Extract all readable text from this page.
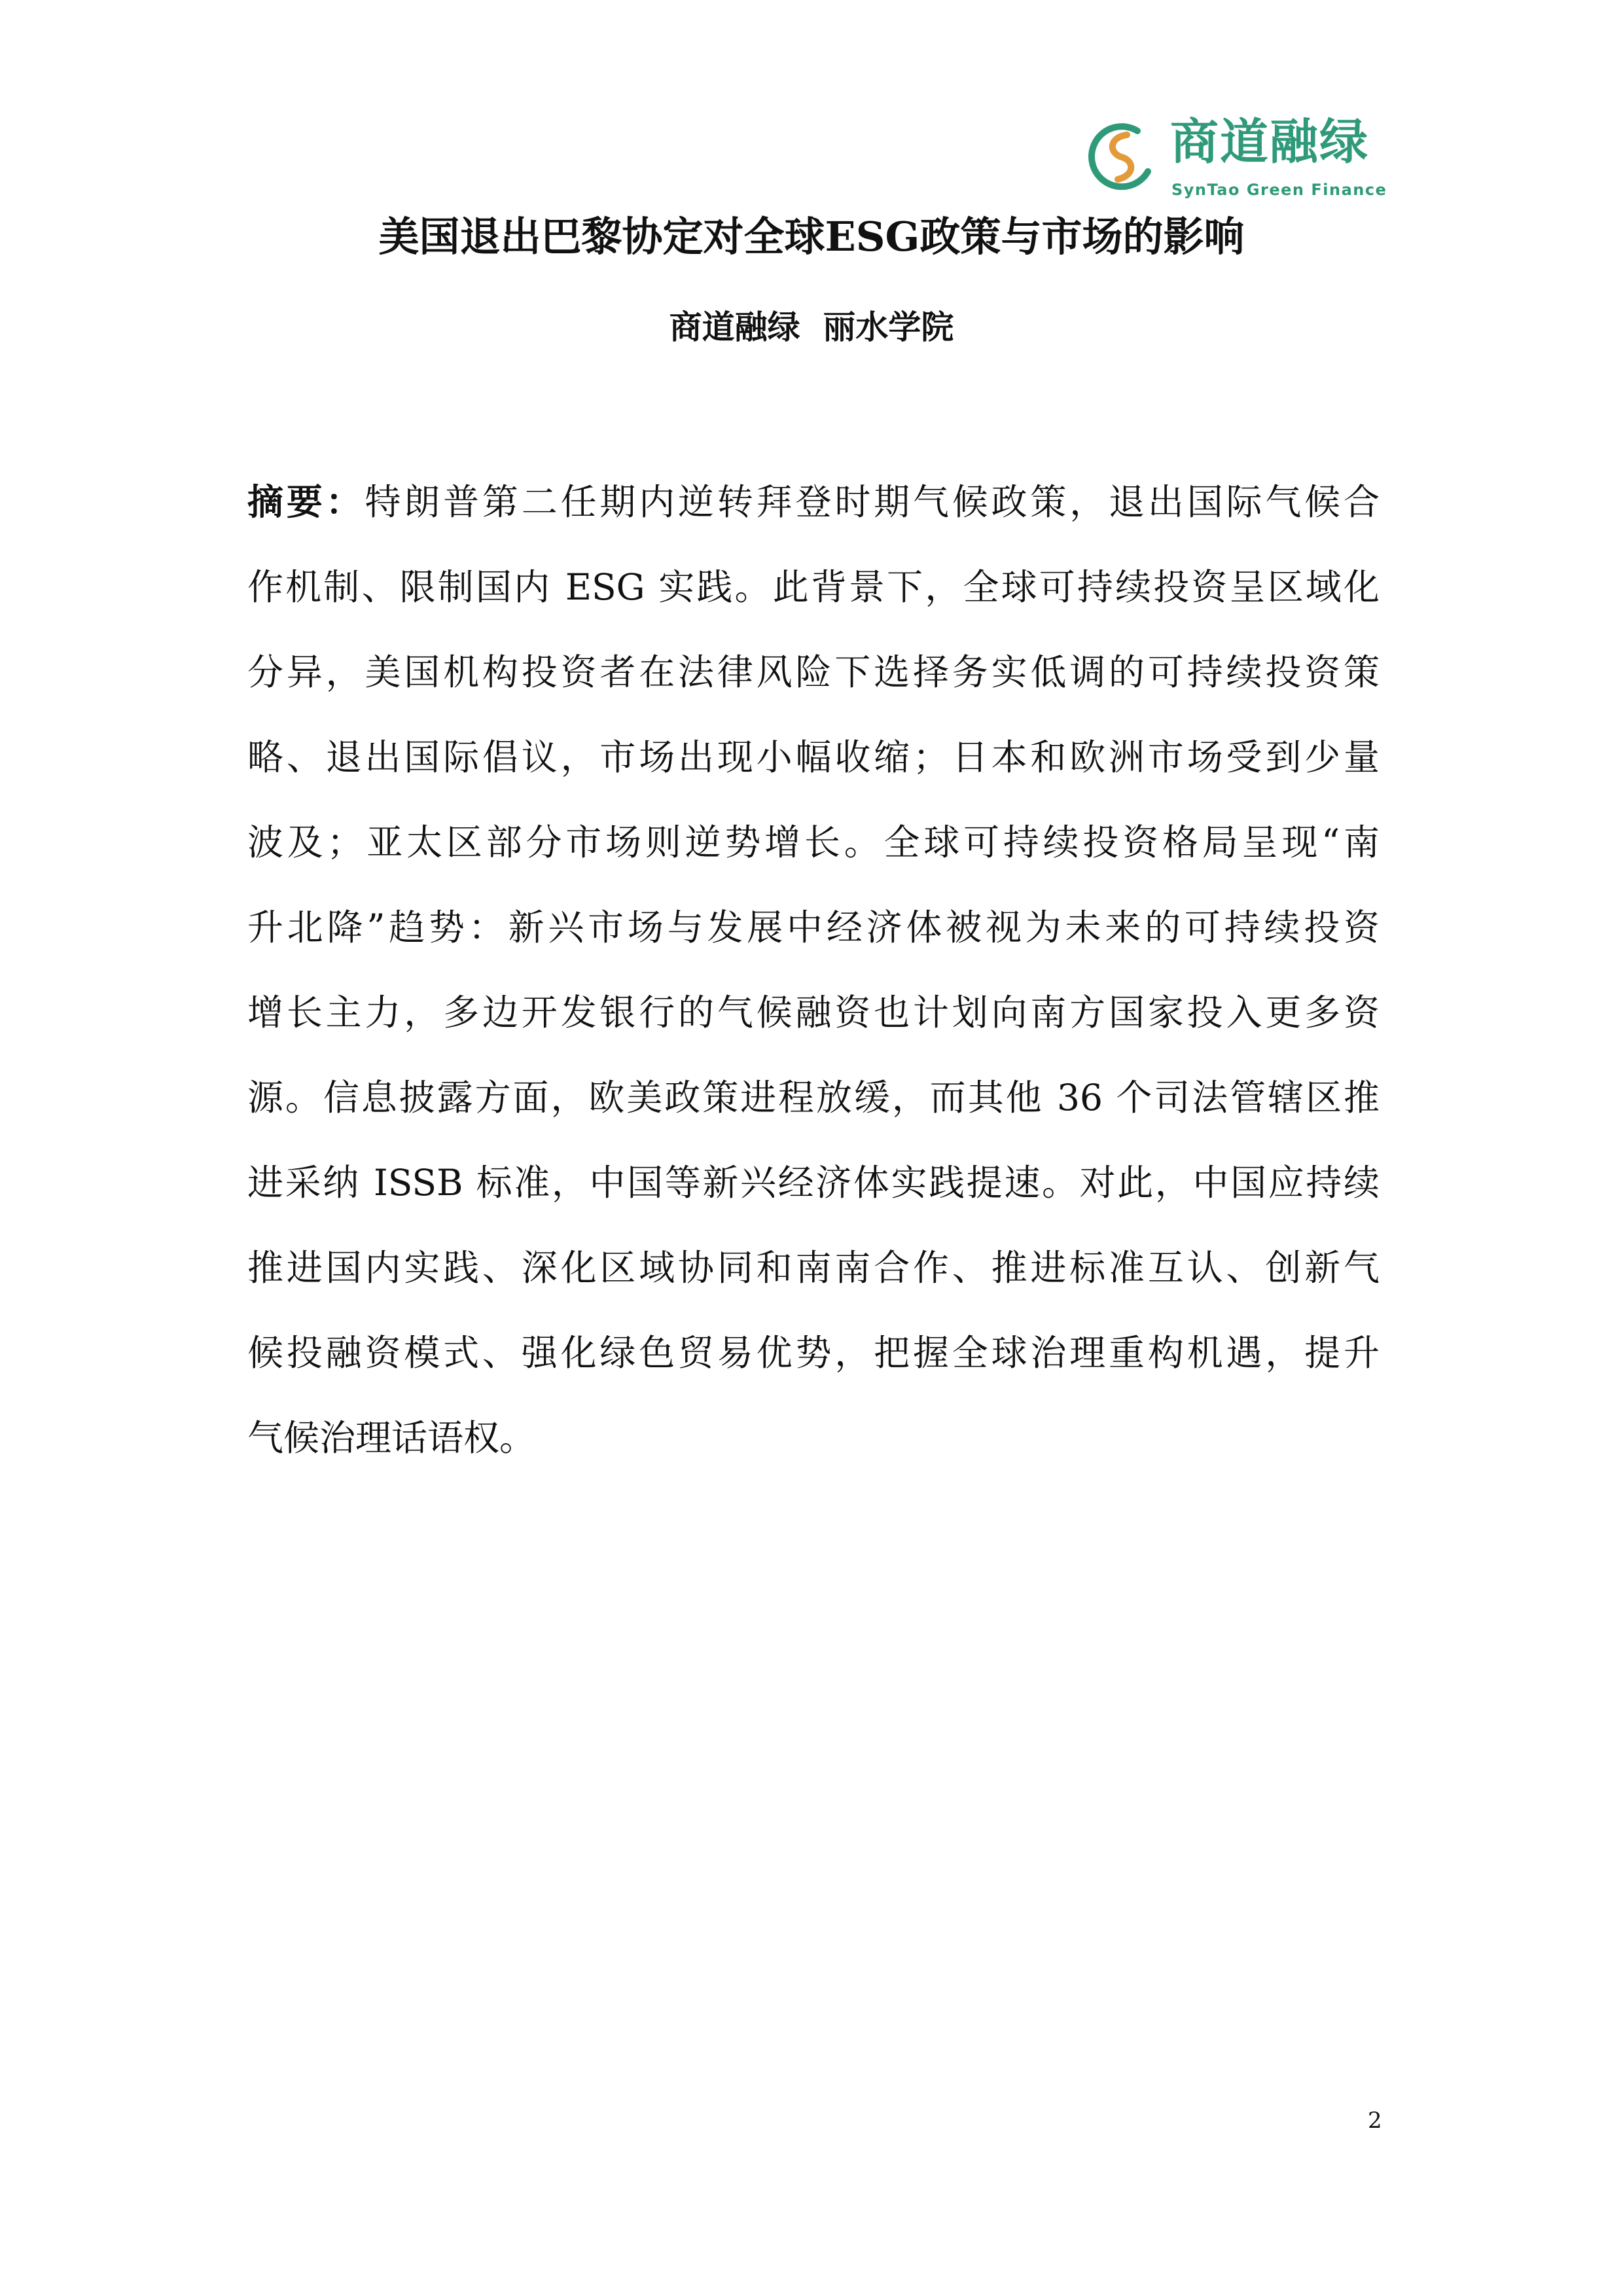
商道融绿
SynTao Green Finance
美国退出巴黎协定对全球ESG政策与市场的影响
商道融绿  丽水学院
摘要：特朗普第二任期内逆转拜登时期气候政策，退出国际气候合
作机制、限制国内 ESG 实践。此背景下，全球可持续投资呈区域化
分异，美国机构投资者在法律风险下选择务实低调的可持续投资策
略、退出国际倡议，市场出现小幅收缩；日本和欧洲市场受到少量
波及；亚太区部分市场则逆势增长。全球可持续投资格局呈现“南
升北降”趋势：新兴市场与发展中经济体被视为未来的可持续投资
增长主力，多边开发银行的气候融资也计划向南方国家投入更多资
源。信息披露方面，欧美政策进程放缓，而其他 36 个司法管辖区推
进采纳 ISSB 标准，中国等新兴经济体实践提速。对此，中国应持续
推进国内实践、深化区域协同和南南合作、推进标准互认、创新气
候投融资模式、强化绿色贸易优势，把握全球治理重构机遇，提升
气候治理话语权。
2
